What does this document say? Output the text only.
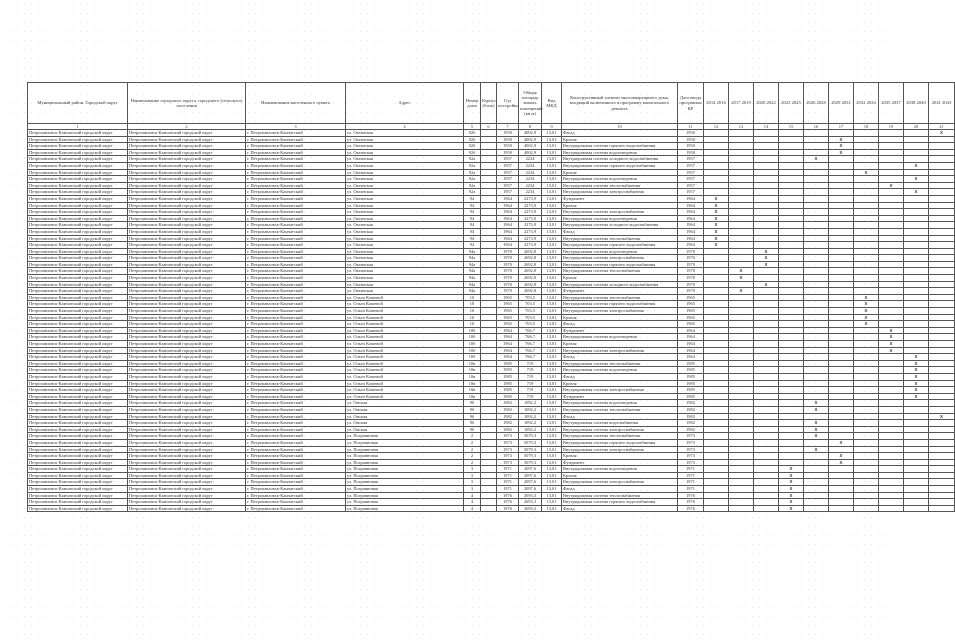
Муниципальный район, Городской округ	Наименование городского округа, городского (сельского) поселения	Наименование населенного пункта	Адрес	Номер дома	Корпус (блок)	Год постройки	Общая площадь жилых помещений (кв.м)	Вид МКД	Конструктивный элемент многоквартирного дома, входящий включенного в программу капитального ремонта	Дата ввода программы КР	2014 2016	2017 2019	2020 2022	2023 2025	2026 2028	2029 2031	2032 2034	2035 2037	2038 2040	2041 2043
1	2	3	4	5	6	7	8	9	10	11	12	13	14	15	16	17	18	19	20	21
Петропавловск-Камчатский городской округ	Петропавловск-Камчатский городской округ	г. Петропавловск-Камчатский	ул. Океанская	92б		1950	4002,9	13,01	Фасад	1950										X
Петропавловск-Камчатский городской округ	Петропавловск-Камчатский городской округ	г. Петропавловск-Камчатский	ул. Океанская	92б		1950	4002,9	13,01	Кровля	1950						X				
Петропавловск-Камчатский городской округ	Петропавловск-Камчатский городской округ	г. Петропавловск-Камчатский	ул. Океанская	92б		1950	4002,9	13,01	Внутридомовая система горячего водоснабжения	1950						X				
Петропавловск-Камчатский городской округ	Петропавловск-Камчатский городской округ	г. Петропавловск-Камчатский	ул. Океанская	92б		1950	4002,9	13,01	Внутридомовая система водоотведения	1950						X				
Петропавловск-Камчатский городской округ	Петропавловск-Камчатский городской округ	г. Петропавловск-Камчатский	ул. Океанская	92а		1957	2234	13,01	Внутридомовая система холодного водоснабжения	1957					X					
Петропавловск-Камчатский городской округ	Петропавловск-Камчатский городской округ	г. Петропавловск-Камчатский	ул. Океанская	92а		1957	2234	13,01	Внутридомовая система горячего водоснабжения	1957									X	
Петропавловск-Камчатский городской округ	Петропавловск-Камчатский городской округ	г. Петропавловск-Камчатский	ул. Океанская	92а		1957	2234	13,01	Кровля	1957							X			
Петропавловск-Камчатский городской округ	Петропавловск-Камчатский городской округ	г. Петропавловск-Камчатский	ул. Океанская	92а		1957	2234	13,01	Внутридомовая система водоотведения	1957									X	
Петропавловск-Камчатский городской округ	Петропавловск-Камчатский городской округ	г. Петропавловск-Камчатский	ул. Океанская	92а		1957	2234	13,01	Внутридомовая система теплоснабжения	1957								X		
Петропавловск-Камчатский городской округ	Петропавловск-Камчатский городской округ	г. Петропавловск-Камчатский	ул. Океанская	92а		1957	2234	13,01	Внутридомовая система электроснабжения	1957									X	
Петропавловск-Камчатский городской округ	Петропавловск-Камчатский городской округ	г. Петропавловск-Камчатский	ул. Океанская	94		1964	2273,9	13,01	Фундамент	1964	X									
Петропавловск-Камчатский городской округ	Петропавловск-Камчатский городской округ	г. Петропавловск-Камчатский	ул. Океанская	94		1964	2273,9	13,01	Кровля	1964	X									
Петропавловск-Камчатский городской округ	Петропавловск-Камчатский городской округ	г. Петропавловск-Камчатский	ул. Океанская	94		1964	2273,9	13,01	Внутридомовая система электроснабжения	1964	X									
Петропавловск-Камчатский городской округ	Петропавловск-Камчатский городской округ	г. Петропавловск-Камчатский	ул. Океанская	94		1964	2273,9	13,01	Внутридомовая система водоотведения	1964	X									
Петропавловск-Камчатский городской округ	Петропавловск-Камчатский городской округ	г. Петропавловск-Камчатский	ул. Океанская	94		1964	2273,9	13,01	Внутридомовая система холодного водоснабжения	1964	X									
Петропавловск-Камчатский городской округ	Петропавловск-Камчатский городской округ	г. Петропавловск-Камчатский	ул. Океанская	94		1964	2273,9	13,01	Фасад	1964	X									
Петропавловск-Камчатский городской округ	Петропавловск-Камчатский городской округ	г. Петропавловск-Камчатский	ул. Океанская	94		1964	2273,9	13,01	Внутридомовая система теплоснабжения	1964	X									
Петропавловск-Камчатский городской округ	Петропавловск-Камчатский городской округ	г. Петропавловск-Камчатский	ул. Океанская	94		1964	2273,9	13,01	Внутридомовая система горячего водоснабжения	1964	X									
Петропавловск-Камчатский городской округ	Петропавловск-Камчатский городской округ	г. Петропавловск-Камчатский	ул. Океанская	94а		1970	2692,8	13,01	Внутридомовая система водоотведения	1970			X							
Петропавловск-Камчатский городской округ	Петропавловск-Камчатский городской округ	г. Петропавловск-Камчатский	ул. Океанская	94а		1970	2692,8	13,01	Внутридомовая система электроснабжения	1970			X							
Петропавловск-Камчатский городской округ	Петропавловск-Камчатский городской округ	г. Петропавловск-Камчатский	ул. Океанская	94а		1970	2692,8	13,01	Внутридомовая система горячего водоснабжения	1970			X							
Петропавловск-Камчатский городской округ	Петропавловск-Камчатский городской округ	г. Петропавловск-Камчатский	ул. Океанская	94а		1970	2692,8	13,01	Внутридомовая система теплоснабжения	1970		X								
Петропавловск-Камчатский городской округ	Петропавловск-Камчатский городской округ	г. Петропавловск-Камчатский	ул. Океанская	94а		1970	2692,8	13,01	Кровля	1970		X								
Петропавловск-Камчатский городской округ	Петропавловск-Камчатский городской округ	г. Петропавловск-Камчатский	ул. Океанская	94а		1970	2692,8	13,01	Внутридомовая система холодного водоснабжения	1970			X							
Петропавловск-Камчатский городской округ	Петропавловск-Камчатский городской округ	г. Петропавловск-Камчатский	ул. Океанская	94а		1970	2692,8	13,01	Фундамент	1970		X								
Петропавловск-Камчатский городской округ	Петропавловск-Камчатский городской округ	г. Петропавловск-Камчатский	ул. Ольги Кошевой	10		1965	703,5	13,01	Внутридомовая система теплоснабжения	1965							X			
Петропавловск-Камчатский городской округ	Петропавловск-Камчатский городской округ	г. Петропавловск-Камчатский	ул. Ольги Кошевой	10		1965	703,5	13,01	Внутридомовая система горячего водоснабжения	1965							X			
Петропавловск-Камчатский городской округ	Петропавловск-Камчатский городской округ	г. Петропавловск-Камчатский	ул. Ольги Кошевой	10		1965	703,5	13,01	Внутридомовая система электроснабжения	1965							X			
Петропавловск-Камчатский городской округ	Петропавловск-Камчатский городской округ	г. Петропавловск-Камчатский	ул. Ольги Кошевой	10		1965	703,5	13,01	Кровля	1965							X			
Петропавловск-Камчатский городской округ	Петропавловск-Камчатский городской округ	г. Петропавловск-Камчатский	ул. Ольги Кошевой	10		1965	703,5	13,01	Фасад	1965							X			
Петропавловск-Камчатский городской округ	Петропавловск-Камчатский городской округ	г. Петропавловск-Камчатский	ул. Ольги Кошевой	10б		1964	766,7	13,01	Фундамент	1964								X		
Петропавловск-Камчатский городской округ	Петропавловск-Камчатский городской округ	г. Петропавловск-Камчатский	ул. Ольги Кошевой	10б		1964	766,7	13,01	Внутридомовая система водоотведения	1964								X		
Петропавловск-Камчатский городской округ	Петропавловск-Камчатский городской округ	г. Петропавловск-Камчатский	ул. Ольги Кошевой	10б		1964	766,7	13,01	Кровля	1964								X		
Петропавловск-Камчатский городской округ	Петропавловск-Камчатский городской округ	г. Петропавловск-Камчатский	ул. Ольги Кошевой	10б		1964	766,7	13,01	Внутридомовая система электроснабжения	1964								X		
Петропавловск-Камчатский городской округ	Петропавловск-Камчатский городской округ	г. Петропавловск-Камчатский	ул. Ольги Кошевой	10б		1964	766,7	13,01	Фасад	1964									X	
Петропавловск-Камчатский городской округ	Петропавловск-Камчатский городской округ	г. Петропавловск-Камчатский	ул. Ольги Кошевой	10в		1985	719	13,01	Внутридомовая система теплоснабжения	1985									X	
Петропавловск-Камчатский городской округ	Петропавловск-Камчатский городской округ	г. Петропавловск-Камчатский	ул. Ольги Кошевой	10в		1985	719	13,01	Внутридомовая система водоотведения	1985									X	
Петропавловск-Камчатский городской округ	Петропавловск-Камчатский городской округ	г. Петропавловск-Камчатский	ул. Ольги Кошевой	10в		1985	719	13,01	Фасад	1985									X	
Петропавловск-Камчатский городской округ	Петропавловск-Камчатский городской округ	г. Петропавловск-Камчатский	ул. Ольги Кошевой	10в		1985	719	13,01	Кровля	1985									X	
Петропавловск-Камчатский городской округ	Петропавловск-Камчатский городской округ	г. Петропавловск-Камчатский	ул. Ольги Кошевой	10в		1985	719	13,01	Внутридомовая система электроснабжения	1985									X	
Петропавловск-Камчатский городской округ	Петропавловск-Камчатский городской округ	г. Петропавловск-Камчатский	ул. Ольги Кошевой	10в		1985	719	13,01	Фундамент	1985									X	
Петропавловск-Камчатский городской округ	Петропавловск-Камчатский городской округ	г. Петропавловск-Камчатский	ул. Омская	9б		1982	1092,2	13,01	Внутридомовая система водоотведения	1982					X					
Петропавловск-Камчатский городской округ	Петропавловск-Камчатский городской округ	г. Петропавловск-Камчатский	ул. Омская	9б		1982	1092,2	13,01	Внутридомовая система теплоснабжения	1982					X					
Петропавловск-Камчатский городской округ	Петропавловск-Камчатский городской округ	г. Петропавловск-Камчатский	ул. Омская	9б		1982	1092,2	13,01	Фасад	1982										X
Петропавловск-Камчатский городской округ	Петропавловск-Камчатский городской округ	г. Петропавловск-Камчатский	ул. Омская	9б		1982	1092,2	13,01	Внутридомовая система водоснабжения	1982					X					
Петропавловск-Камчатский городской округ	Петропавловск-Камчатский городской округ	г. Петропавловск-Камчатский	ул. Омская	9б		1982	1092,2	13,01	Внутридомовая система электроснабжения	1982					X					
Петропавловск-Камчатский городской округ	Петропавловск-Камчатский городской округ	г. Петропавловск-Камчатский	ул. Пограничная	2		1973	5079,3	13,01	Внутридомовая система теплоснабжения	1973					X					
Петропавловск-Камчатский городской округ	Петропавловск-Камчатский городской округ	г. Петропавловск-Камчатский	ул. Пограничная	2		1973	5079,3	13,01	Внутридомовая система горячего водоснабжения	1973						X				
Петропавловск-Камчатский городской округ	Петропавловск-Камчатский городской округ	г. Петропавловск-Камчатский	ул. Пограничная	2		1973	5079,3	13,01	Внутридомовая система электроснабжения	1973					X					
Петропавловск-Камчатский городской округ	Петропавловск-Камчатский городской округ	г. Петропавловск-Камчатский	ул. Пограничная	2		1973	5079,3	13,01	Кровля	1973						X				
Петропавловск-Камчатский городской округ	Петропавловск-Камчатский городской округ	г. Петропавловск-Камчатский	ул. Пограничная	2		1973	5079,3	13,01	Фундамент	1973						X				
Петропавловск-Камчатский городской округ	Петропавловск-Камчатский городской округ	г. Петропавловск-Камчатский	ул. Пограничная	3		1971	2097,6	13,01	Внутридомовая система водоотведения	1971				X						
Петропавловск-Камчатский городской округ	Петропавловск-Камчатский городской округ	г. Петропавловск-Камчатский	ул. Пограничная	3		1971	2097,6	13,01	Кровля	1971				X						
Петропавловск-Камчатский городской округ	Петропавловск-Камчатский городской округ	г. Петропавловск-Камчатский	ул. Пограничная	3		1971	2097,6	13,01	Внутридомовая система электроснабжения	1971				X						
Петропавловск-Камчатский городской округ	Петропавловск-Камчатский городской округ	г. Петропавловск-Камчатский	ул. Пограничная	3		1971	2097,6	13,01	Фасад	1971				X						
Петропавловск-Камчатский городской округ	Петропавловск-Камчатский городской округ	г. Петропавловск-Камчатский	ул. Пограничная	4		1976	2693,3	13,01	Внутридомовая система теплоснабжения	1976				X						
Петропавловск-Камчатский городской округ	Петропавловск-Камчатский городской округ	г. Петропавловск-Камчатский	ул. Пограничная	4		1976	2693,3	13,01	Внутридомовая система горячего водоснабжения	1976				X						
Петропавловск-Камчатский городской округ	Петропавловск-Камчатский городской округ	г. Петропавловск-Камчатский	ул. Пограничная	4		1976	2693,3	13,01	Фасад	1976				X						
